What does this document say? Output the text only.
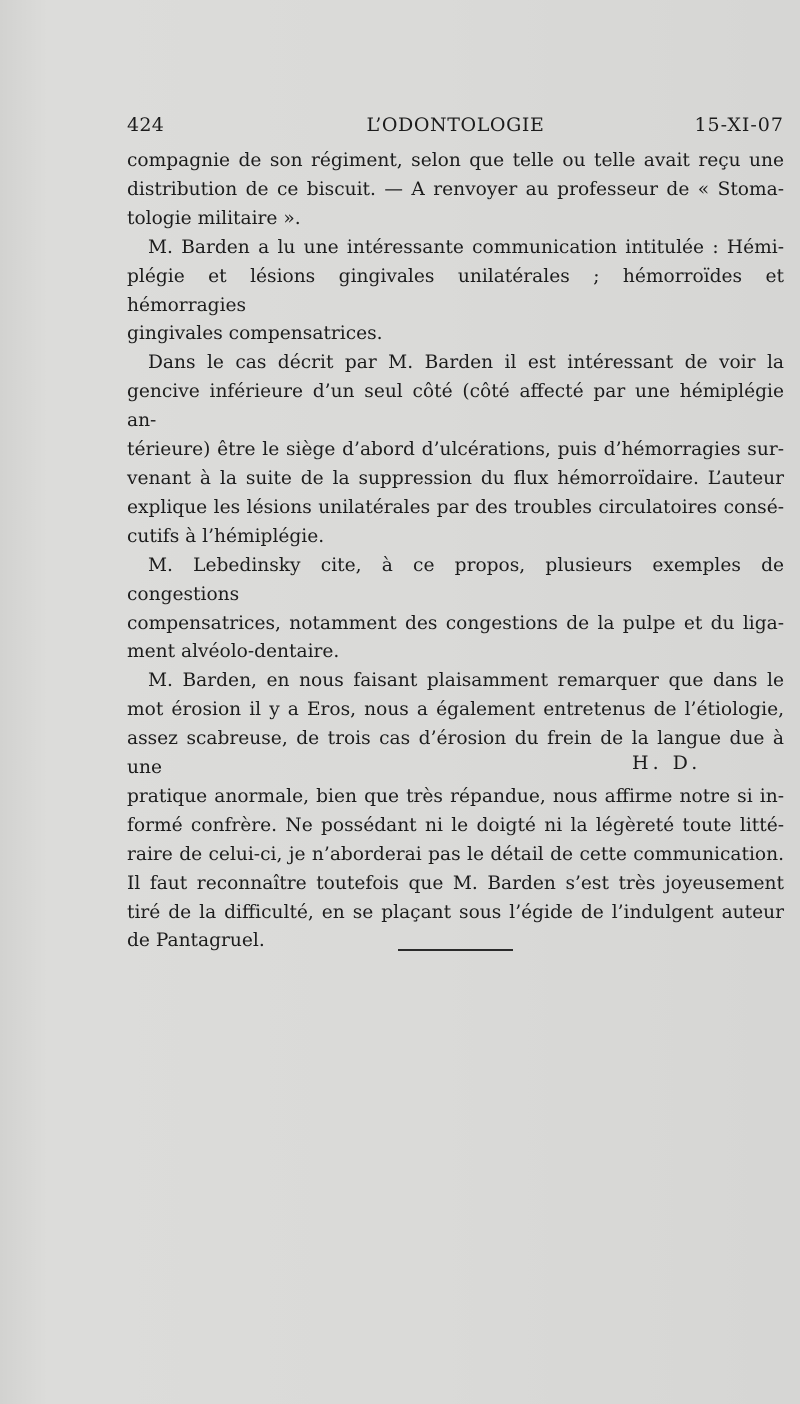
424	L’ODONTOLOGIE	15-XI-07

compagnie de son régiment, selon que telle ou telle avait reçu une
distribution de ce biscuit. — A renvoyer au professeur de « Stoma-
tologie militaire ».

M. Barden a lu une intéressante communication intitulée : Hémi-
plégie et lésions gingivales unilatérales ; hémorroïdes et hémorragies
gingivales compensatrices.

Dans le cas décrit par M. Barden il est intéressant de voir la
gencive inférieure d’un seul côté (côté affecté par une hémiplégie an-
térieure) être le siège d’abord d’ulcérations, puis d’hémorragies sur-
venant à la suite de la suppression du flux hémorroïdaire. L’auteur
explique les lésions unilatérales par des troubles circulatoires consé-
cutifs à l’hémiplégie.

M. Lebedinsky cite, à ce propos, plusieurs exemples de congestions
compensatrices, notamment des congestions de la pulpe et du liga-
ment alvéolo-dentaire.

M. Barden, en nous faisant plaisamment remarquer que dans le
mot érosion il y a Eros, nous a également entretenus de l’étiologie,
assez scabreuse, de trois cas d’érosion du frein de la langue due à une
pratique anormale, bien que très répandue, nous affirme notre si in-
formé confrère. Ne possédant ni le doigté ni la légèreté toute litté-
raire de celui-ci, je n’aborderai pas le détail de cette communication.
Il faut reconnaître toutefois que M. Barden s’est très joyeusement
tiré de la difficulté, en se plaçant sous l’égide de l’indulgent auteur
de Pantagruel.

H. D.
